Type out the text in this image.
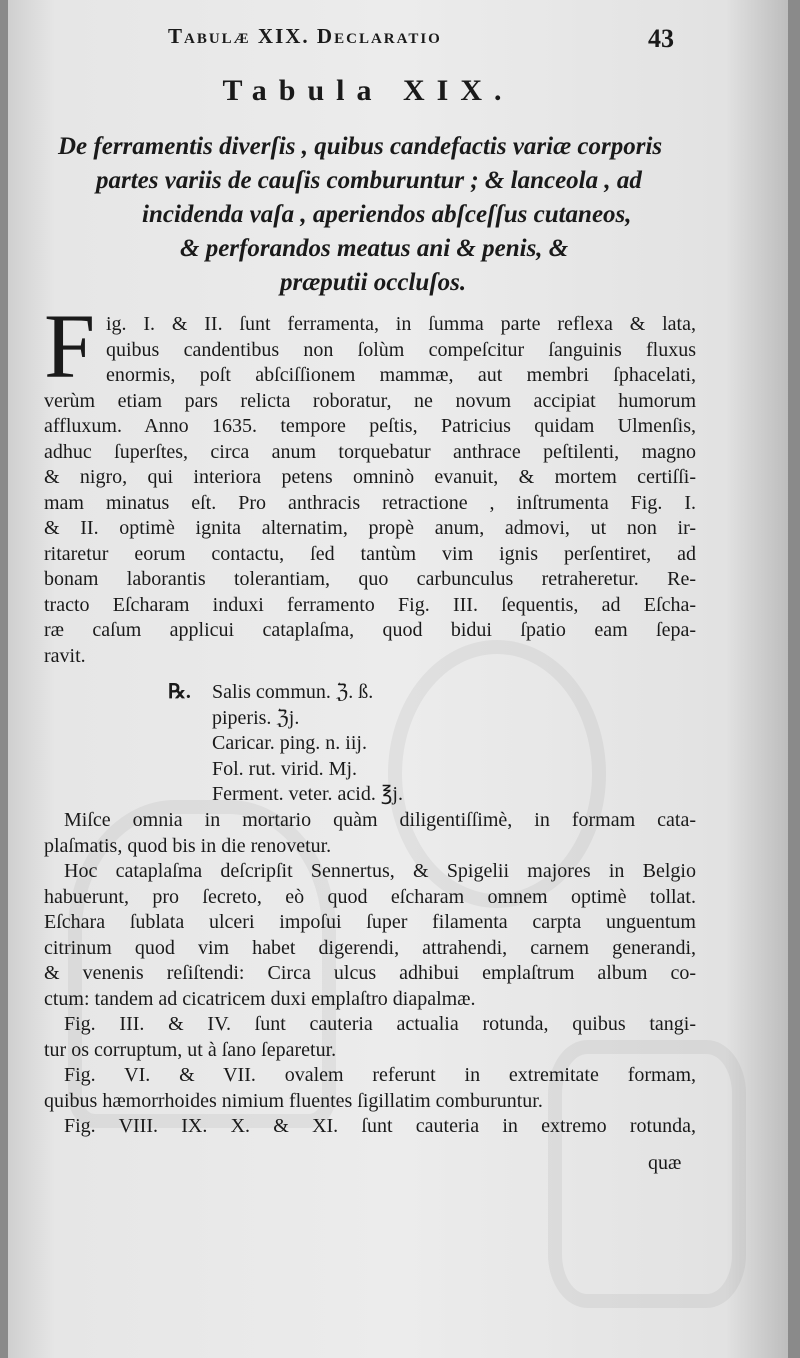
Tabulæ XIX. Declaratio	43
Tabula XIX.
De ferramentis diverſis , quibus candefactis variæ corporis
partes variis de cauſis comburuntur ; & lanceola , ad
incidenda vaſa , aperiendos abſceſſus cutaneos,
& perforandos meatus ani & penis, &
præputii occluſos.
F ig. I. & II. ſunt ferramenta, in ſumma parte reflexa & lata,
quibus candentibus non ſolùm compeſcitur ſanguinis fluxus
enormis, poſt abſciſſionem mammæ, aut membri ſphacelati,
verùm etiam pars relicta roboratur, ne novum accipiat humorum
affluxum. Anno 1635. tempore peſtis, Patricius quidam Ulmenſis,
adhuc ſuperſtes, circa anum torquebatur anthrace peſtilenti, magno
& nigro, qui interiora petens omninò evanuit, & mortem certiſſi-
mam minatus eſt. Pro anthracis retractione , inſtrumenta Fig. I.
& II. optimè ignita alternatim, propè anum, admovi, ut non ir-
ritaretur eorum contactu, ſed tantùm vim ignis perſentiret, ad
bonam laborantis tolerantiam, quo carbunculus retraheretur. Re-
tracto Eſcharam induxi ferramento Fig. III. ſequentis, ad Eſcha-
ræ caſum applicui cataplaſma, quod bidui ſpatio eam ſepa-
ravit.
℞.	Salis commun. ℨ. ß.
piperis. ℨj.
Caricar. ping. n. iij.
Fol. rut. virid. Mj.
Ferment. veter. acid. ℥j.
Miſce omnia in mortario quàm diligentiſſimè, in formam cata-
plaſmatis, quod bis in die renovetur.
Hoc cataplaſma deſcripſit Sennertus, & Spigelii majores in Belgio
habuerunt, pro ſecreto, eò quod eſcharam omnem optimè tollat.
Eſchara ſublata ulceri impoſui ſuper filamenta carpta unguentum
citrinum quod vim habet digerendi, attrahendi, carnem generandi,
& venenis reſiſtendi: Circa ulcus adhibui emplaſtrum album co-
ctum: tandem ad cicatricem duxi emplaſtro diapalmæ.
Fig. III. & IV. ſunt cauteria actualia rotunda, quibus tangi-
tur os corruptum, ut à ſano ſeparetur.
Fig. VI. & VII. ovalem referunt in extremitate formam,
quibus hæmorrhoides nimium fluentes ſigillatim comburuntur.
Fig. VIII. IX. X. & XI. ſunt cauteria in extremo rotunda,
quæ
